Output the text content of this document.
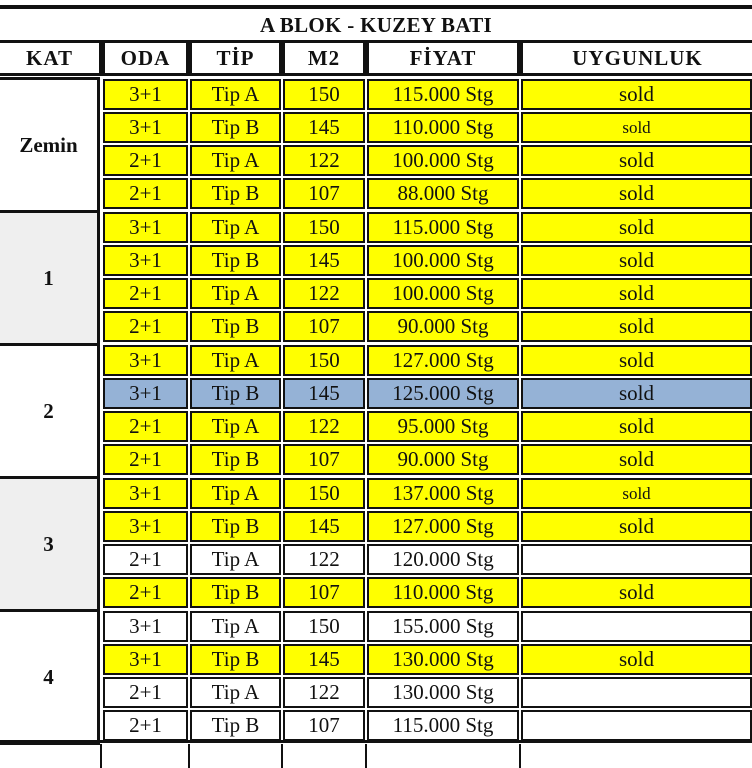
A BLOK - KUZEY BATI
KAT	ODA	TİP	M2	FİYAT	UYGUNLUK
Zemin
3+1	Tip A	150	115.000 Stg	sold
3+1	Tip B	145	110.000 Stg	sold
2+1	Tip A	122	100.000 Stg	sold
2+1	Tip B	107	88.000 Stg	sold
1
3+1	Tip A	150	115.000 Stg	sold
3+1	Tip B	145	100.000 Stg	sold
2+1	Tip A	122	100.000 Stg	sold
2+1	Tip B	107	90.000 Stg	sold
2
3+1	Tip A	150	127.000 Stg	sold
3+1	Tip B	145	125.000 Stg	sold
2+1	Tip A	122	95.000 Stg	sold
2+1	Tip B	107	90.000 Stg	sold
3
3+1	Tip A	150	137.000 Stg	sold
3+1	Tip B	145	127.000 Stg	sold
2+1	Tip A	122	120.000 Stg
2+1	Tip B	107	110.000 Stg	sold
4
3+1	Tip A	150	155.000 Stg
3+1	Tip B	145	130.000 Stg	sold
2+1	Tip A	122	130.000 Stg
2+1	Tip B	107	115.000 Stg
